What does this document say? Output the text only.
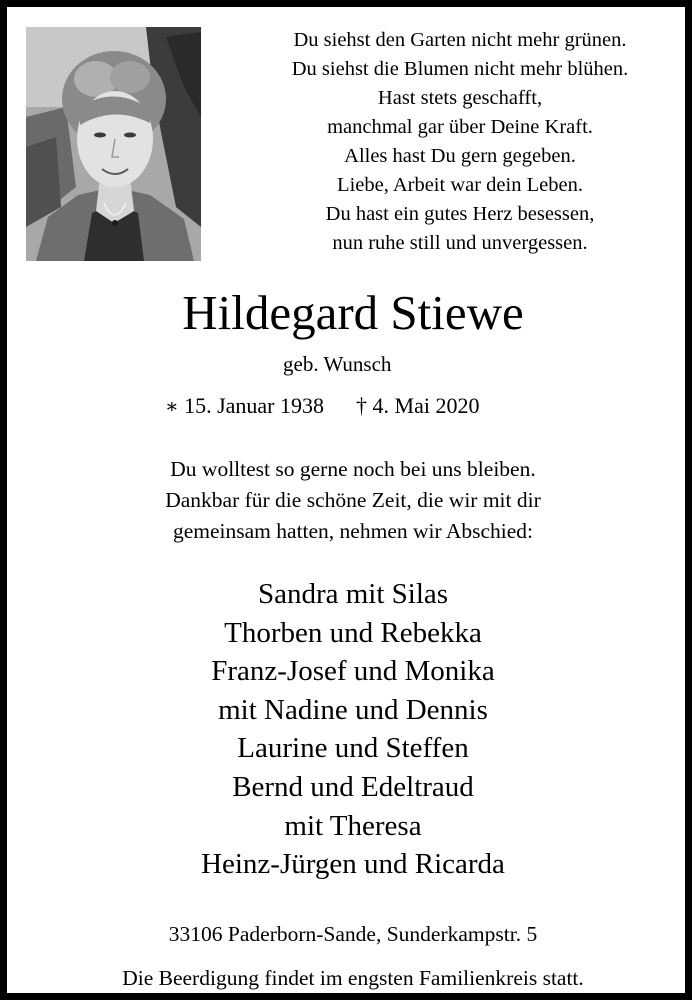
Du siehst den Garten nicht mehr grünen.
Du siehst die Blumen nicht mehr blühen.
Hast stets geschafft,
manchmal gar über Deine Kraft.
Alles hast Du gern gegeben.
Liebe, Arbeit war dein Leben.
Du hast ein gutes Herz besessen,
nun ruhe still und unvergessen.
Hildegard Stiewe
geb. Wunsch
∗ 15. Januar 1938 † 4. Mai 2020
Du wolltest so gerne noch bei uns bleiben.
Dankbar für die schöne Zeit, die wir mit dir
gemeinsam hatten, nehmen wir Abschied:
Sandra mit Silas
Thorben und Rebekka
Franz-Josef und Monika
mit Nadine und Dennis
Laurine und Steffen
Bernd und Edeltraud
mit Theresa
Heinz-Jürgen und Ricarda
33106 Paderborn-Sande, Sunderkampstr. 5
Die Beerdigung findet im engsten Familienkreis statt.
